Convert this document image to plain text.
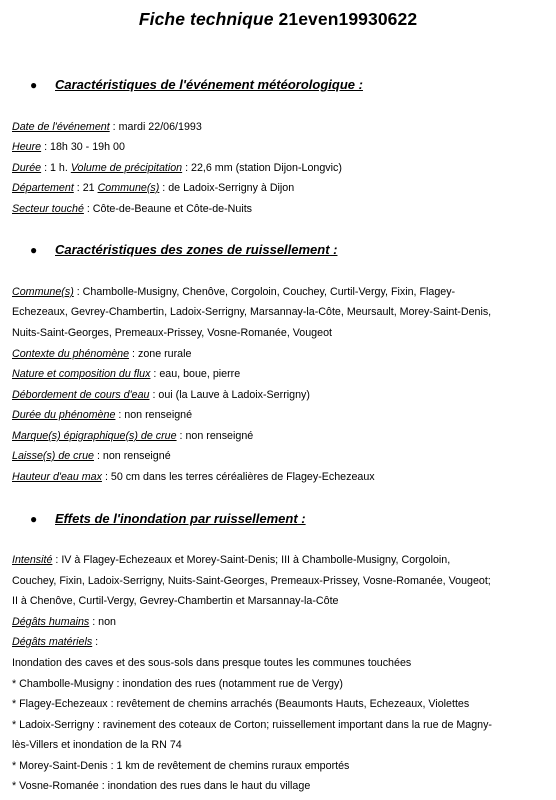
Fiche technique 21even19930622
● Caractéristiques de l'événement météorologique :
Date de l'événement : mardi 22/06/1993
Heure : 18h 30 - 19h 00
Durée : 1 h. Volume de précipitation : 22,6 mm (station Dijon-Longvic)
Département : 21 Commune(s) : de Ladoix-Serrigny à Dijon
Secteur touché : Côte-de-Beaune et Côte-de-Nuits
● Caractéristiques des zones de ruissellement :
Commune(s) : Chambolle-Musigny, Chenôve, Corgoloin, Couchey, Curtil-Vergy, Fixin, Flagey-
Echezeaux, Gevrey-Chambertin, Ladoix-Serrigny, Marsannay-la-Côte, Meursault, Morey-Saint-Denis,
Nuits-Saint-Georges, Premeaux-Prissey, Vosne-Romanée, Vougeot
Contexte du phénomène : zone rurale
Nature et composition du flux : eau, boue, pierre
Débordement de cours d'eau : oui (la Lauve à Ladoix-Serrigny)
Durée du phénomène : non renseigné
Marque(s) épigraphique(s) de crue : non renseigné
Laisse(s) de crue : non renseigné
Hauteur d'eau max : 50 cm dans les terres céréalières de Flagey-Echezeaux
● Effets de l'inondation par ruissellement :
Intensité : IV à Flagey-Echezeaux et Morey-Saint-Denis; III à Chambolle-Musigny, Corgoloin,
Couchey, Fixin, Ladoix-Serrigny, Nuits-Saint-Georges, Premeaux-Prissey, Vosne-Romanée, Vougeot;
II à Chenôve, Curtil-Vergy, Gevrey-Chambertin et Marsannay-la-Côte
Dégâts humains : non
Dégâts matériels :
Inondation des caves et des sous-sols dans presque toutes les communes touchées
* Chambolle-Musigny : inondation des rues (notamment rue de Vergy)
* Flagey-Echezeaux : revêtement de chemins arrachés (Beaumonts Hauts, Echezeaux, Violettes
* Ladoix-Serrigny : ravinement des coteaux de Corton; ruissellement important dans la rue de Magny-
lès-Villers et inondation de la RN 74
* Morey-Saint-Denis : 1 km de revêtement de chemins ruraux emportés
* Vosne-Romanée : inondation des rues dans le haut du village
